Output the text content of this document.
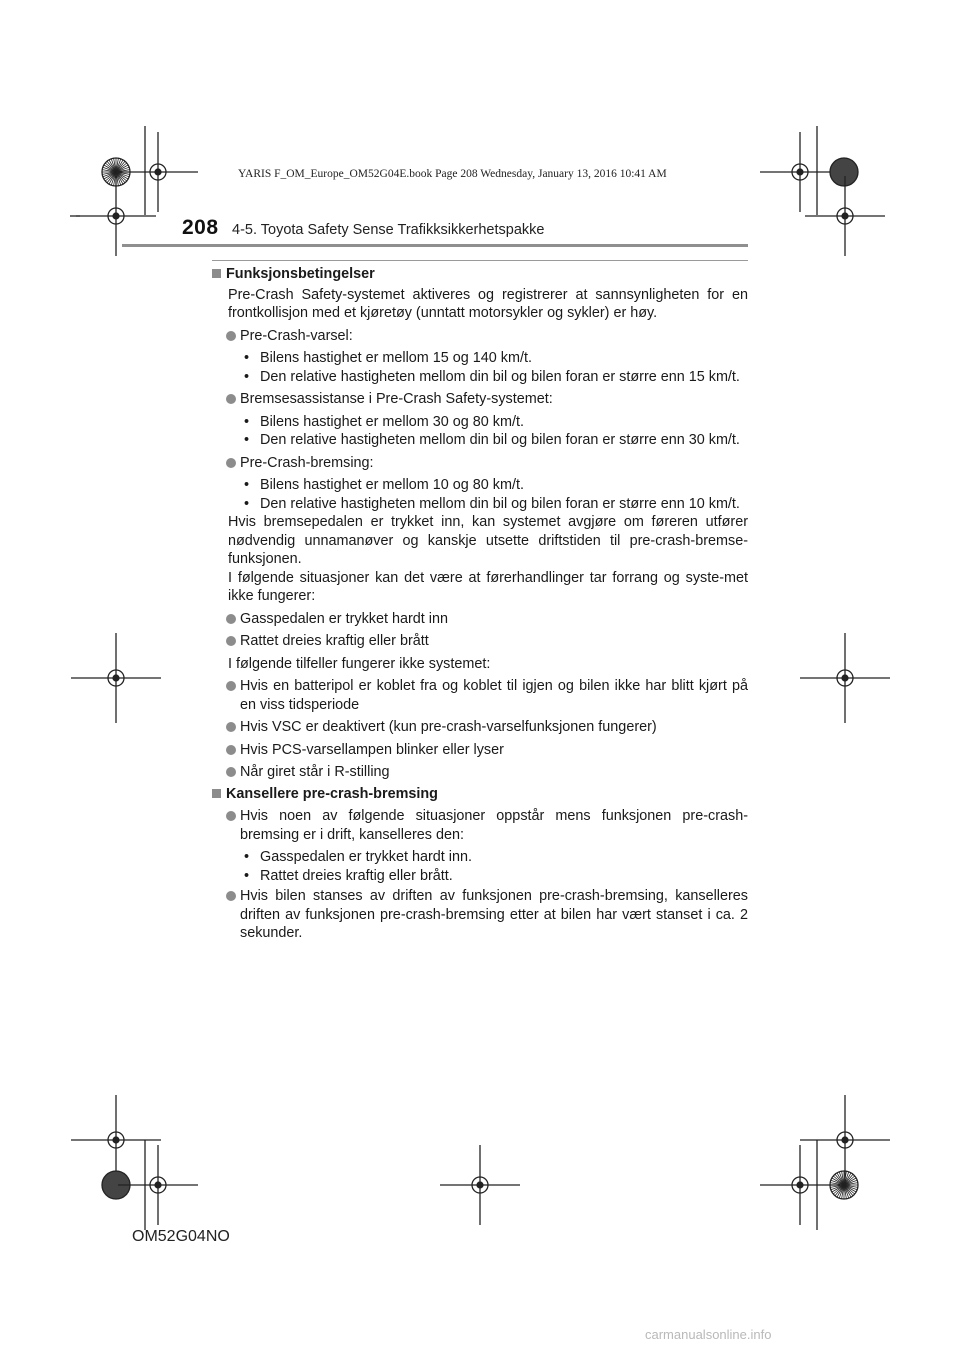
YARIS F_OM_Europe_OM52G04E.book Page 208 Wednesday, January 13, 2016 10:41 AM
208 4-5. Toyota Safety Sense Trafikksikkerhetspakke
Funksjonsbetingelser
Pre-Crash Safety-systemet aktiveres og registrerer at sannsynligheten for en frontkollisjon med et kjøretøy (unntatt motorsykler og sykler) er høy.
Pre-Crash-varsel:
• Bilens hastighet er mellom 15 og 140 km/t.
• Den relative hastigheten mellom din bil og bilen foran er større enn 15 km/t.
Bremsesassistanse i Pre-Crash Safety-systemet:
• Bilens hastighet er mellom 30 og 80 km/t.
• Den relative hastigheten mellom din bil og bilen foran er større enn 30 km/t.
Pre-Crash-bremsing:
• Bilens hastighet er mellom 10 og 80 km/t.
• Den relative hastigheten mellom din bil og bilen foran er større enn 10 km/t.
Hvis bremsepedalen er trykket inn, kan systemet avgjøre om føreren utfører nødvendig unnamanøver og kanskje utsette driftstiden til pre-crash-bremse-funksjonen.
I følgende situasjoner kan det være at førerhandlinger tar forrang og syste-met ikke fungerer:
Gasspedalen er trykket hardt inn
Rattet dreies kraftig eller brått
I følgende tilfeller fungerer ikke systemet:
Hvis en batteripol er koblet fra og koblet til igjen og bilen ikke har blitt kjørt på en viss tidsperiode
Hvis VSC er deaktivert (kun pre-crash-varselfunksjonen fungerer)
Hvis PCS-varsellampen blinker eller lyser
Når giret står i R-stilling
Kansellere pre-crash-bremsing
Hvis noen av følgende situasjoner oppstår mens funksjonen pre-crash-bremsing er i drift, kanselleres den:
• Gasspedalen er trykket hardt inn.
• Rattet dreies kraftig eller brått.
Hvis bilen stanses av driften av funksjonen pre-crash-bremsing, kanselleres driften av funksjonen pre-crash-bremsing etter at bilen har vært stanset i ca. 2 sekunder.
OM52G04NO
carmanualsonline.info
